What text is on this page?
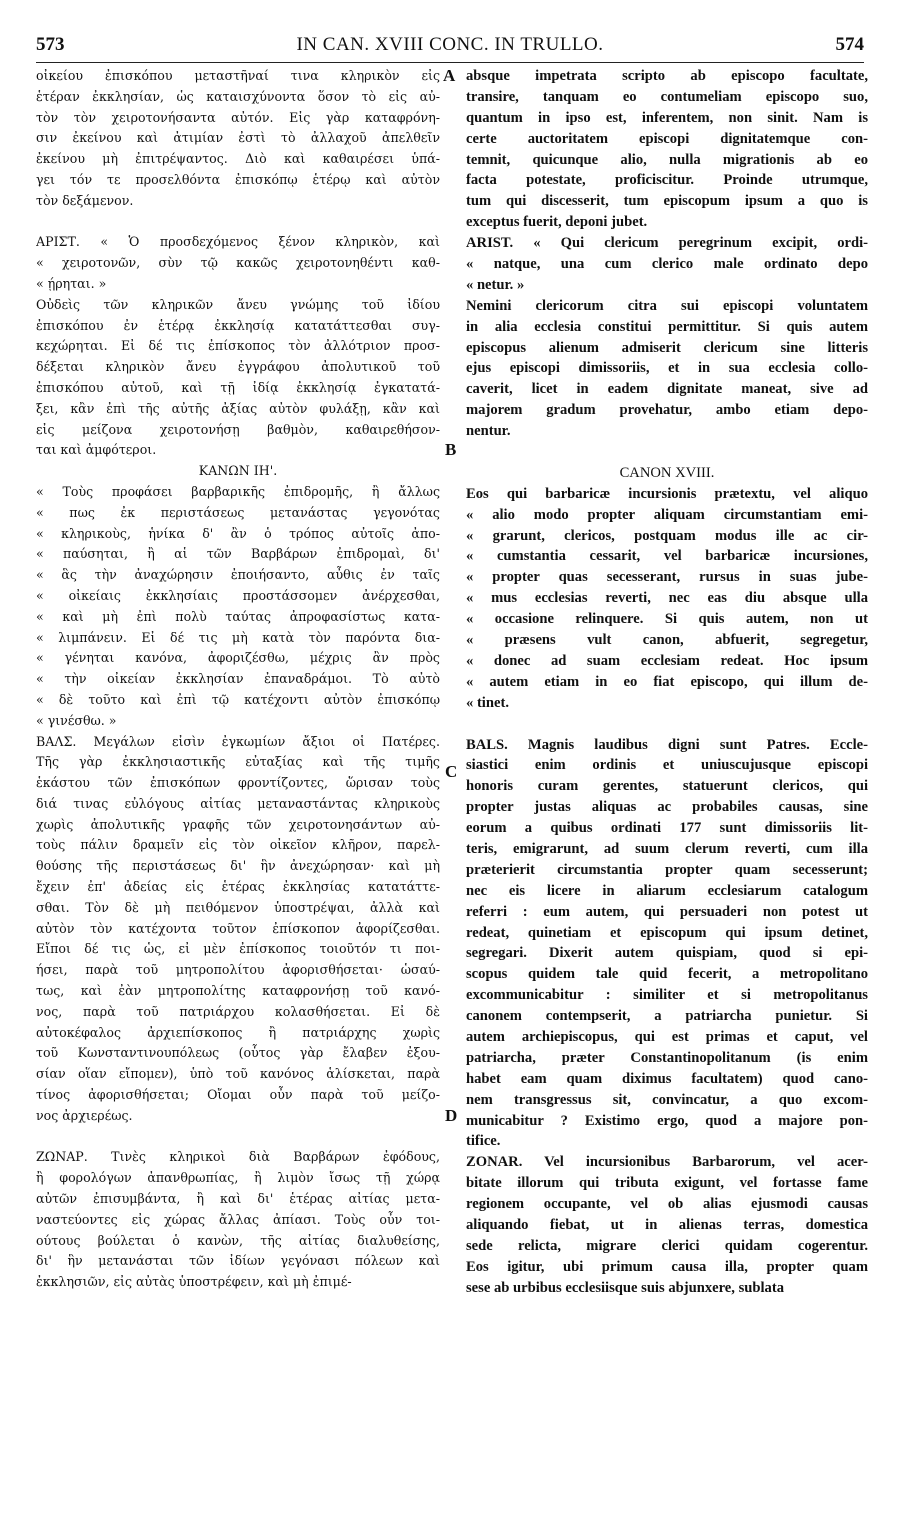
573	IN CAN. XVIII CONC. IN TRULLO.	574
οἰκείου ἐπισκόπου μεταστῆναί τινα κληρικὸν εἰς
ἑτέραν ἐκκλησίαν, ὡς καταισχύνοντα ὅσον τὸ εἰς αὐ-
τὸν τὸν χειροτονήσαντα αὐτόν. Εἰς γὰρ καταφρόνη-
σιν ἐκείνου καὶ ἀτιμίαν ἐστὶ τὸ ἀλλαχοῦ ἀπελθεῖν
ἐκείνου μὴ ἐπιτρέψαντος. Διὸ καὶ καθαιρέσει ὑπά-
γει τόν τε προσελθόντα ἐπισκόπῳ ἑτέρῳ καὶ αὐτὸν
τὸν δεξάμενον.
ΑΡΙΣΤ. « Ὁ προσδεχόμενος ξένον κληρικὸν, καὶ
« χειροτονῶν, σὺν τῷ κακῶς χειροτονηθέντι καθ-
« ῄρηται. »
Οὐδεὶς τῶν κληρικῶν ἄνευ γνώμης τοῦ ἰδίου
ἐπισκόπου ἐν ἑτέρᾳ ἐκκλησίᾳ κατατάττεσθαι συγ-
κεχώρηται. Εἰ δέ τις ἐπίσκοπος τὸν ἀλλότριον προσ-
δέξεται κληρικὸν ἄνευ ἐγγράφου ἀπολυτικοῦ τοῦ
ἐπισκόπου αὐτοῦ, καὶ τῇ ἰδίᾳ ἐκκλησίᾳ ἐγκατατά-
ξει, κἂν ἐπὶ τῆς αὐτῆς ἀξίας αὐτὸν φυλάξῃ, κἂν καὶ
εἰς μείζονα χειροτονήσῃ βαθμὸν, καθαιρεθήσον-
ται καὶ ἀμφότεροι.
ΚΑΝΩΝ ΙΗ'.
« Τοὺς προφάσει βαρβαρικῆς ἐπιδρομῆς, ἢ ἄλλως
« πως ἐκ περιστάσεως μετανάστας γεγονότας
« κληρικοὺς, ἡνίκα δ' ἂν ὁ τρόπος αὐτοῖς ἀπο-
« παύσηται, ἢ αἱ τῶν Βαρβάρων ἐπιδρομαὶ, δι'
« ἃς τὴν ἀναχώρησιν ἐποιήσαντο, αὖθις ἐν ταῖς
« οἰκείαις ἐκκλησίαις προστάσσομεν ἀνέρχεσθαι,
« καὶ μὴ ἐπὶ πολὺ ταύτας ἀπροφασίστως κατα-
« λιμπάνειν. Εἰ δέ τις μὴ κατὰ τὸν παρόντα δια-
« γένηται κανόνα, ἀφοριζέσθω, μέχρις ἂν πρὸς
« τὴν οἰκείαν ἐκκλησίαν ἐπαναδράμοι. Τὸ αὐτὸ
« δὲ τοῦτο καὶ ἐπὶ τῷ κατέχοντι αὐτὸν ἐπισκόπῳ
« γινέσθω. »
ΒΑΛΣ. Μεγάλων εἰσὶν ἐγκωμίων ἄξιοι οἱ Πατέρες.
Τῆς γὰρ ἐκκλησιαστικῆς εὐταξίας καὶ τῆς τιμῆς
ἑκάστου τῶν ἐπισκόπων φροντίζοντες, ὥρισαν τοὺς
διά τινας εὐλόγους αἰτίας μεταναστάντας κληρικοὺς
χωρὶς ἀπολυτικῆς γραφῆς τῶν χειροτονησάντων αὐ-
τοὺς πάλιν δραμεῖν εἰς τὸν οἰκεῖον κλῆρον, παρελ-
θούσης τῆς περιστάσεως δι' ἣν ἀνεχώρησαν· καὶ μὴ
ἔχειν ἐπ' ἀδείας εἰς ἑτέρας ἐκκλησίας κατατάττε-
σθαι. Τὸν δὲ μὴ πειθόμενον ὑποστρέψαι, ἀλλὰ καὶ
αὐτὸν τὸν κατέχοντα τοῦτον ἐπίσκοπον ἀφορίζεσθαι.
Εἴποι δέ τις ὡς, εἰ μὲν ἐπίσκοπος τοιοῦτόν τι ποι-
ήσει, παρὰ τοῦ μητροπολίτου ἀφορισθήσεται· ὡσαύ-
τως, καὶ ἐὰν μητροπολίτης καταφρονήσῃ τοῦ κανό-
νος, παρὰ τοῦ πατριάρχου κολασθήσεται. Εἰ δὲ
αὐτοκέφαλος ἀρχιεπίσκοπος ἢ πατριάρχης χωρὶς
τοῦ Κωνσταντινουπόλεως (οὗτος γὰρ ἔλαβεν ἐξου-
σίαν οἵαν εἴπομεν), ὑπὸ τοῦ κανόνος ἁλίσκεται, παρὰ
τίνος ἀφορισθήσεται; Οἴομαι οὖν παρὰ τοῦ μείζο-
νος ἀρχιερέως.
ΖΩΝΑΡ. Τινὲς κληρικοὶ διὰ Βαρβάρων ἐφόδους,
ἢ φορολόγων ἀπανθρωπίας, ἢ λιμὸν ἴσως τῇ χώρᾳ
αὐτῶν ἐπισυμβάντα, ἢ καὶ δι' ἑτέρας αἰτίας μετα-
ναστεύοντες εἰς χώρας ἄλλας ἀπίασι. Τοὺς οὖν τοι-
ούτους βούλεται ὁ κανὼν, τῆς αἰτίας διαλυθείσης,
δι' ἣν μετανάσται τῶν ἰδίων γεγόνασι πόλεων καὶ
ἐκκλησιῶν, εἰς αὐτὰς ὑποστρέφειν, καὶ μὴ ἐπιμέ-
absque impetrata scripto ab episcopo facultate,
transire, tanquam eo contumeliam episcopo suo,
quantum in ipso est, inferentem, non sinit. Nam is
certe auctoritatem episcopi dignitatemque con-
temnit, quicunque alio, nulla migrationis ab eo
facta potestate, proficiscitur. Proinde utrumque,
tum qui discesserit, tum episcopum ipsum a quo is
exceptus fuerit, deponi jubet.
ARIST. « Qui clericum peregrinum excipit, ordi-
« natque, una cum clerico male ordinato depo
« netur. »
Nemini clericorum citra sui episcopi voluntatem
in alia ecclesia constitui permittitur. Si quis autem
episcopus alienum admiserit clericum sine litteris
ejus episcopi dimissoriis, et in sua ecclesia collo-
caverit, licet in eadem dignitate maneat, sive ad
majorem gradum provehatur, ambo etiam depo-
nentur.
CANON XVIII.
Eos qui barbaricæ incursionis prætextu, vel aliquo
« alio modo propter aliquam circumstantiam emi-
« grarunt, clericos, postquam modus ille ac cir-
« cumstantia cessarit, vel barbaricæ incursiones,
« propter quas secesserant, rursus in suas jube-
« mus ecclesias reverti, nec eas diu absque ulla
« occasione relinquere. Si quis autem, non ut
« præsens vult canon, abfuerit, segregetur,
« donec ad suam ecclesiam redeat. Hoc ipsum
« autem etiam in eo fiat episcopo, qui illum de-
« tinet.
BALS. Magnis laudibus digni sunt Patres. Eccle-
siastici enim ordinis et uniuscujusque episcopi
honoris curam gerentes, statuerunt clericos, qui
propter justas aliquas ac probabiles causas, sine
eorum a quibus ordinati 177 sunt dimissoriis lit-
teris, emigrarunt, ad suum clerum reverti, cum illa
præterierit circumstantia propter quam secesserunt;
nec eis licere in aliarum ecclesiarum catalogum
referri : eum autem, qui persuaderi non potest ut
redeat, quinetiam et episcopum qui ipsum detinet,
segregari. Dixerit autem quispiam, quod si epi-
scopus quidem tale quid fecerit, a metropolitano
excommunicabitur : similiter et si metropolitanus
canonem contempserit, a patriarcha punietur. Si
autem archiepiscopus, qui est primas et caput, vel
patriarcha, præter Constantinopolitanum (is enim
habet eam quam diximus facultatem) quod cano-
nem transgressus sit, convincatur, a quo excom-
municabitur ? Existimo ergo, quod a majore pon-
tifice.
ZONAR. Vel incursionibus Barbarorum, vel acer-
bitate illorum qui tributa exigunt, vel fortasse fame
regionem occupante, vel ob alias ejusmodi causas
aliquando fiebat, ut in alienas terras, domestica
sede relicta, migrare clerici quidam cogerentur.
Eos igitur, ubi primum causa illa, propter quam
sese ab urbibus ecclesiisque suis abjunxere, sublata
A
B
C
D
